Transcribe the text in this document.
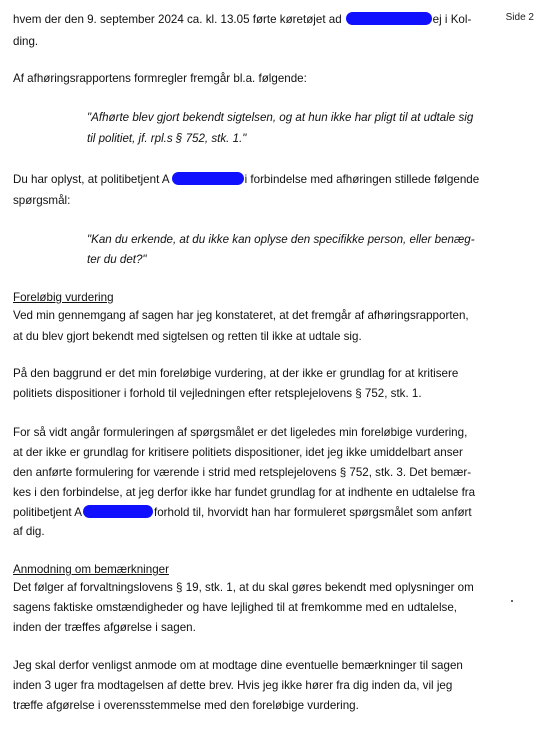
Side 2
hvem der den 9. september 2024 ca. kl. 13.05 førte køretøjet ad	ej i Kol-
ding.
Af afhøringsrapportens formregler fremgår bl.a. følgende:
"Afhørte blev gjort bekendt sigtelsen, og at hun ikke har pligt til at udtale sig
til politiet, jf. rpl.s § 752, stk. 1."
Du har oplyst, at politibetjent A	i forbindelse med afhøringen stillede følgende
spørgsmål:
"Kan du erkende, at du ikke kan oplyse den specifikke person, eller benæg-
ter du det?"
Foreløbig vurdering
Ved min gennemgang af sagen har jeg konstateret, at det fremgår af afhøringsrapporten,
at du blev gjort bekendt med sigtelsen og retten til ikke at udtale sig.
På den baggrund er det min foreløbige vurdering, at der ikke er grundlag for at kritisere
politiets dispositioner i forhold til vejledningen efter retsplejelovens § 752, stk. 1.
For så vidt angår formuleringen af spørgsmålet er det ligeledes min foreløbige vurdering,
at der ikke er grundlag for kritisere politiets dispositioner, idet jeg ikke umiddelbart anser
den anførte formulering for værende i strid med retsplejelovens § 752, stk. 3. Det bemær-
kes i den forbindelse, at jeg derfor ikke har fundet grundlag for at indhente en udtalelse fra
politibetjent A	forhold til, hvorvidt han har formuleret spørgsmålet som anført
af dig.
Anmodning om bemærkninger
Det følger af forvaltningslovens § 19, stk. 1, at du skal gøres bekendt med oplysninger om
sagens faktiske omstændigheder og have lejlighed til at fremkomme med en udtalelse,
inden der træffes afgørelse i sagen.
Jeg skal derfor venligst anmode om at modtage dine eventuelle bemærkninger til sagen
inden 3 uger fra modtagelsen af dette brev. Hvis jeg ikke hører fra dig inden da, vil jeg
træffe afgørelse i overensstemmelse med den foreløbige vurdering.
